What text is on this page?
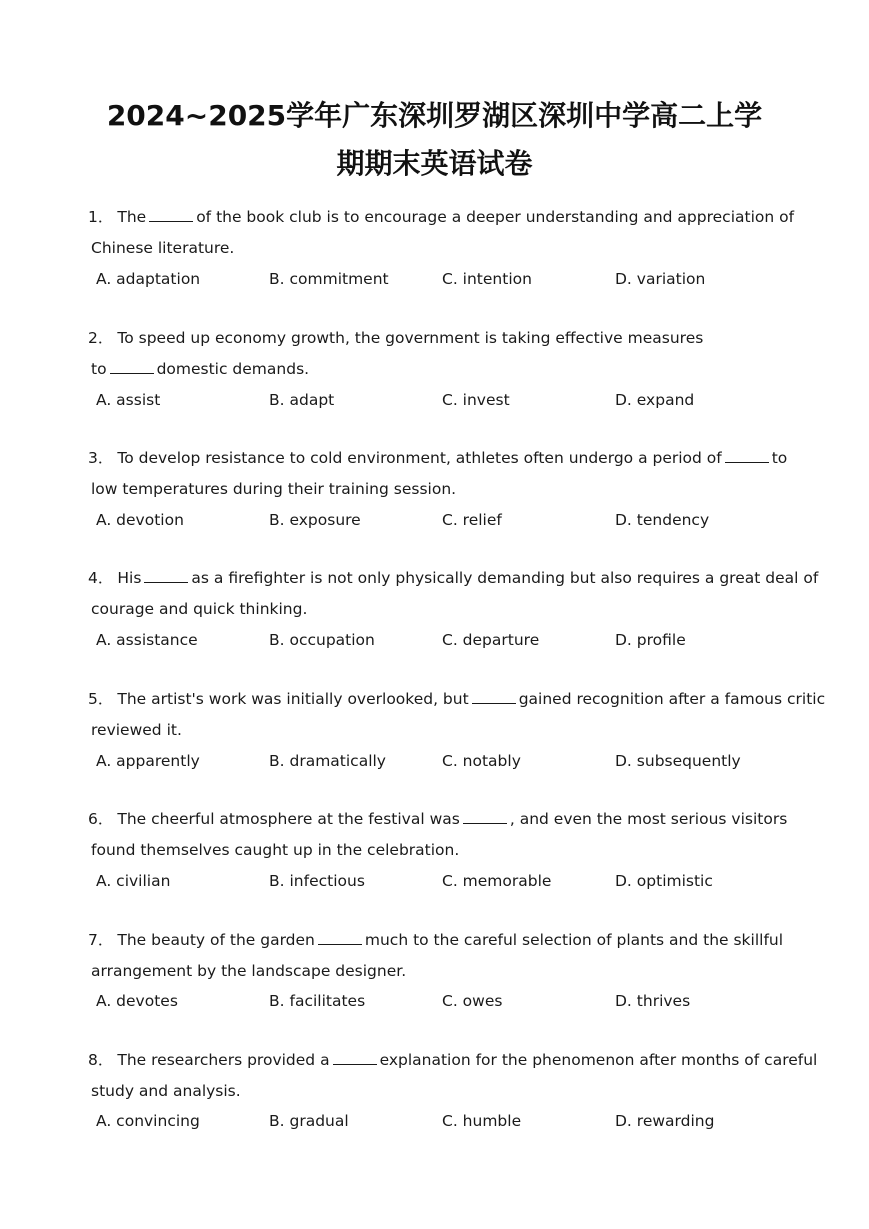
2024~2025学年广东深圳罗湖区深圳中学高二上学
期期末英语试卷
1． The	of the book club is to encourage a deeper understanding and appreciation of
Chinese literature.
A. adaptation	B. commitment	C. intention	D. variation
2． To speed up economy growth, the government is taking effective measures
to	domestic demands.
A. assist	B. adapt	C. invest	D. expand
3． To develop resistance to cold environment, athletes often undergo a period of	to
low temperatures during their training session.
A. devotion	B. exposure	C. relief	D. tendency
4． His	as a firefighter is not only physically demanding but also requires a great deal of
courage and quick thinking.
A. assistance	B. occupation	C. departure	D. profile
5． The artist's work was initially overlooked, but	gained recognition after a famous critic
reviewed it.
A. apparently	B. dramatically	C. notably	D. subsequently
6． The cheerful atmosphere at the festival was	, and even the most serious visitors
found themselves caught up in the celebration.
A. civilian	B. infectious	C. memorable	D. optimistic
7． The beauty of the garden	much to the careful selection of plants and the skillful
arrangement by the landscape designer.
A. devotes	B. facilitates	C. owes	D. thrives
8． The researchers provided a	explanation for the phenomenon after months of careful
study and analysis.
A. convincing	B. gradual	C. humble	D. rewarding
